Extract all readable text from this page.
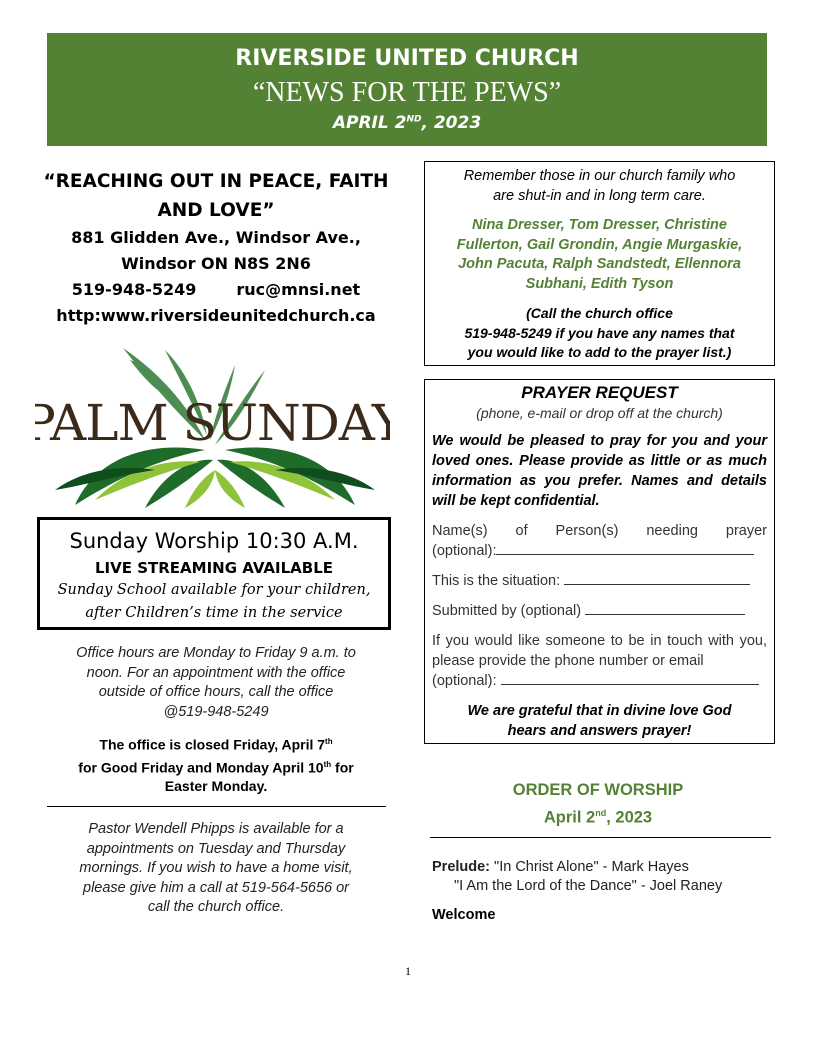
RIVERSIDE UNITED CHURCH
“NEWS FOR THE PEWS”
APRIL 2ND, 2023
“REACHING OUT IN PEACE, FAITH
AND LOVE”
881 Glidden Ave., Windsor Ave.,
Windsor ON N8S 2N6
519-948-5249	ruc@mnsi.net
http:www.riversideunitedchurch.ca
PALM SUNDAY
Sunday Worship 10:30 A.M.
LIVE STREAMING AVAILABLE
Sunday School available for your children,
after Children’s time in the service
Office hours are Monday to Friday 9 a.m. to
noon. For an appointment with the office
outside of office hours, call the office
@519-948-5249
The office is closed Friday, April 7th
for Good Friday and Monday April 10th for
Easter Monday.
Pastor Wendell Phipps is available for a
appointments on Tuesday and Thursday
mornings. If you wish to have a home visit,
please give him a call at 519-564-5656 or
call the church office.
Remember those in our church family who
are shut-in and in long term care.
Nina Dresser, Tom Dresser, Christine
Fullerton, Gail Grondin, Angie Murgaskie,
John Pacuta, Ralph Sandstedt, Ellennora
Subhani, Edith Tyson
(Call the church office
519-948-5249 if you have any names that
you would like to add to the prayer list.)
PRAYER REQUEST
(phone, e-mail or drop off at the church)
We would be pleased to pray for you and your loved ones. Please provide as little or as much information as you prefer. Names and details will be kept confidential.
Name(s) of Person(s) needing prayer
(optional):
This is the situation:
Submitted by (optional)
If you would like someone to be in touch with you, please provide the phone number or email
(optional):
We are grateful that in divine love God
hears and answers prayer!
ORDER OF WORSHIP
April 2nd, 2023
Prelude: "In Christ Alone" - Mark Hayes
"I Am the Lord of the Dance" - Joel Raney
Welcome
1
